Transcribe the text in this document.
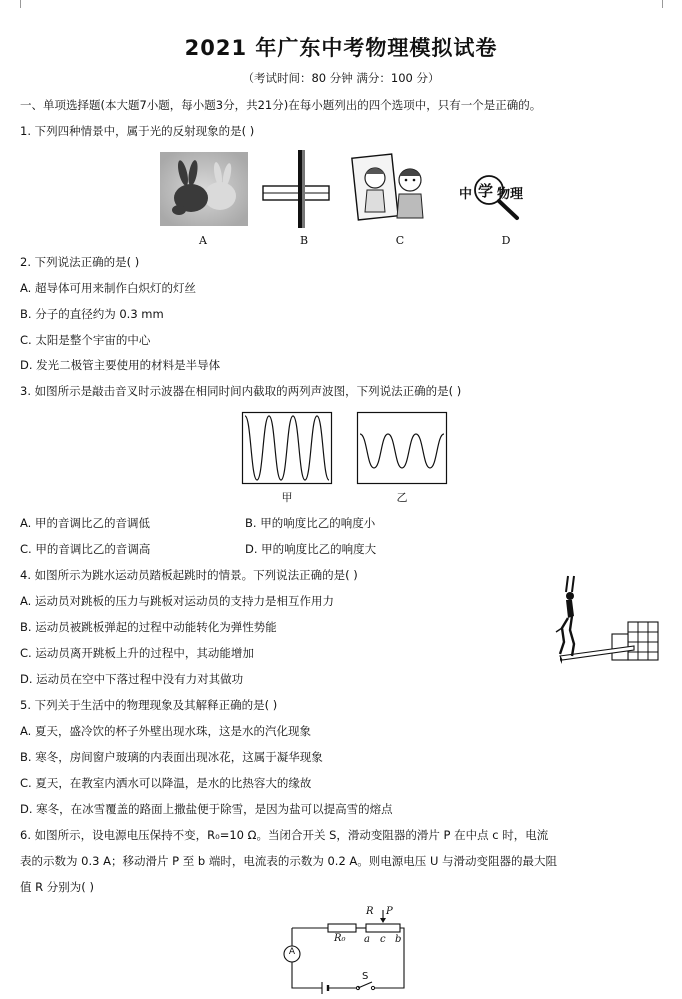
2021 年广东中考物理模拟试卷
（考试时间：80 分钟 满分：100 分）
一、单项选择题(本大题7小题，每小题3分，共21分)在每小题列出的四个选项中，只有一个是正确的。
1. 下列四种情景中，属于光的反射现象的是( )
中 学 物理
A	B	C	D
2. 下列说法正确的是( )
A. 超导体可用来制作白炽灯的灯丝
B. 分子的直径约为 0.3 mm
C. 太阳是整个宇宙的中心
D. 发光二极管主要使用的材料是半导体
3. 如图所示是敲击音叉时示波器在相同时间内截取的两列声波图，下列说法正确的是( )
甲	乙
A. 甲的音调比乙的音调低	B. 甲的响度比乙的响度小
C. 甲的音调比乙的音调高	D. 甲的响度比乙的响度大
4. 如图所示为跳水运动员踏板起跳时的情景。下列说法正确的是( )
A. 运动员对跳板的压力与跳板对运动员的支持力是相互作用力
B. 运动员被跳板弹起的过程中动能转化为弹性势能
C. 运动员离开跳板上升的过程中，其动能增加
D. 运动员在空中下落过程中没有力对其做功
5. 下列关于生活中的物理现象及其解释正确的是( )
A. 夏天，盛冷饮的杯子外壁出现水珠，这是水的汽化现象
B. 寒冬，房间窗户玻璃的内表面出现冰花，这属于凝华现象
C. 夏天，在教室内洒水可以降温，是水的比热容大的缘故
D. 寒冬，在冰雪覆盖的路面上撒盐便于除雪，是因为盐可以提高雪的熔点
6. 如图所示，设电源电压保持不变，R₀=10 Ω。当闭合开关 S，滑动变阻器的滑片 P 在中点 c 时，电流
表的示数为 0.3 A；移动滑片 P 至 b 端时，电流表的示数为 0.2 A。则电源电压 U 与滑动变阻器的最大阻
值 R 分别为( )
R P
R₀ a c b
A
S
